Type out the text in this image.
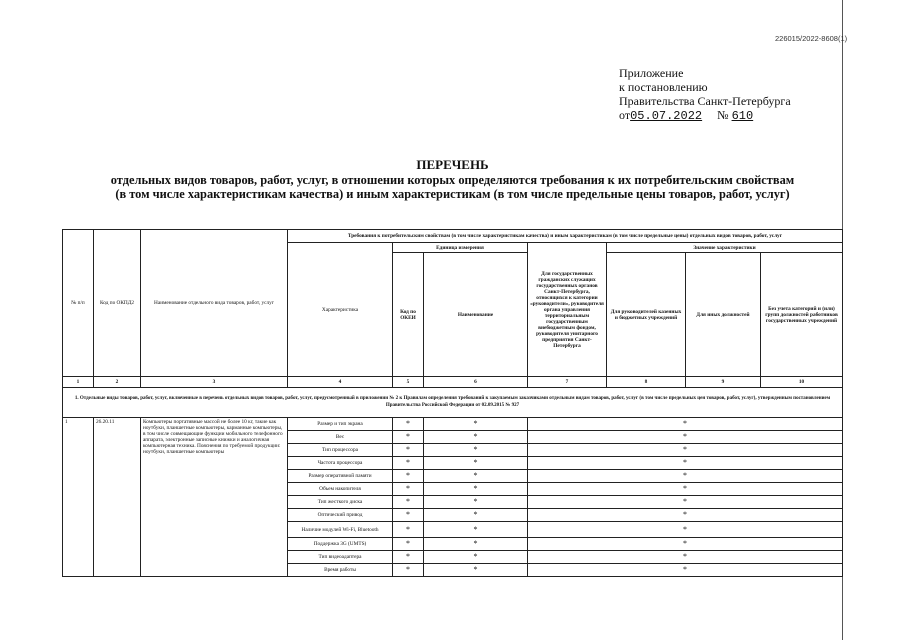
226015/2022-8608(1)
Приложение
к постановлению
Правительства Санкт-Петербурга
от05.07.2022 № 610
ПЕРЕЧЕНЬ
отдельных видов товаров, работ, услуг, в отношении которых определяются требования к их потребительским свойствам
(в том числе характеристикам качества) и иным характеристикам (в том числе предельные цены товаров, работ, услуг)
№ п/п	Код по ОКПД2	Наименование отдельного вида товаров, работ, услуг	Требования к потребительским свойствам (в том числе характеристикам качества) и иным характеристикам (в том числе предельные цены) отдельных видов товаров, работ, услуг						
			Характеристика	Единица измерения		Для государственных гражданских служащих государственных органов Санкт-Петербурга, относящихся к категории «руководители», руководителя органа управления территориальным государственным внебюджетным фондом, руководителя унитарного предприятия Санкт-Петербурга	Значение характеристики		
				Код по ОКЕИ	Наименование		Для руководителей казенных и бюджетных учреждений	Для иных должностей	Без учета категорий и (или) групп должностей работников государственных учреждений
1	2	3	4	5	6	7	8	9	10
1. Отдельные виды товаров, работ, услуг, включенные в перечень отдельных видов товаров, работ, услуг, предусмотренный в приложении № 2 к Правилам определения требований к закупаемым заказчиками отдельным видам товаров, работ, услуг (в том числе предельных цен товаров, работ, услуг), утвержденным постановлением Правительства Российской Федерации от 02.09.2015 № 927									
1	26.20.11	Компьютеры портативные массой не более 10 кг, такие как ноутбуки, планшетные компьютеры, карманные компьютеры, в том числе совмещающие функции мобильного телефонного аппарата, электронные записные книжки и аналогичная компьютерная техника. Пояснения по требуемой продукции: ноутбуки, планшетные компьютеры	Размер и тип экрана	*	*	*			
			Вес	*	*	*			
			Тип процессора	*	*	*			
			Частота процессора	*	*	*			
			Размер оперативной памяти	*	*	*			
			Объем накопителя	*	*	*			
			Тип жесткого диска	*	*	*			
			Оптический привод	*	*	*			
			Наличие модулей Wi-Fi, Bluetooth	*	*	*			
			Поддержка 3G (UMTS)	*	*	*			
			Тип видеоадаптера	*	*	*			
			Время работы	*	*	*			
